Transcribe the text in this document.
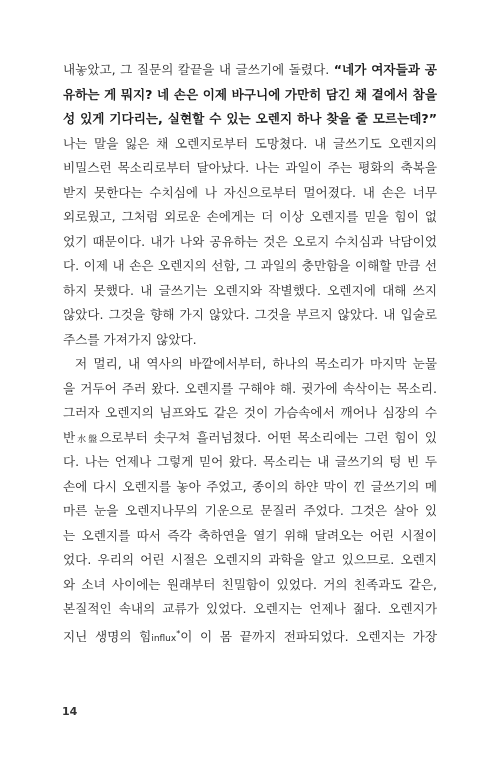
내놓았고, 그 질문의 칼끝을 내 글쓰기에 돌렸다. “네가 여자들과 공
유하는 게 뭐지? 네 손은 이제 바구니에 가만히 담긴 채 곁에서 참을
성 있게 기다리는, 실현할 수 있는 오렌지 하나 찾을 줄 모르는데?”
나는 말을 잃은 채 오렌지로부터 도망쳤다. 내 글쓰기도 오렌지의
비밀스런 목소리로부터 달아났다. 나는 과일이 주는 평화의 축복을
받지 못한다는 수치심에 나 자신으로부터 멀어졌다. 내 손은 너무
외로웠고, 그처럼 외로운 손에게는 더 이상 오렌지를 믿을 힘이 없
었기 때문이다. 내가 나와 공유하는 것은 오로지 수치심과 낙담이었
다. 이제 내 손은 오렌지의 선함, 그 과일의 충만함을 이해할 만큼 선
하지 못했다. 내 글쓰기는 오렌지와 작별했다. 오렌지에 대해 쓰지
않았다. 그것을 향해 가지 않았다. 그것을 부르지 않았다. 내 입술로
주스를 가져가지 않았다.
저 멀리, 내 역사의 바깥에서부터, 하나의 목소리가 마지막 눈물
을 거두어 주러 왔다. 오렌지를 구해야 해. 귓가에 속삭이는 목소리.
그러자 오렌지의 님프와도 같은 것이 가슴속에서 깨어나 심장의 수
반水盤으로부터 솟구쳐 흘러넘쳤다. 어떤 목소리에는 그런 힘이 있
다. 나는 언제나 그렇게 믿어 왔다. 목소리는 내 글쓰기의 텅 빈 두
손에 다시 오렌지를 놓아 주었고, 종이의 하얀 막이 낀 글쓰기의 메
마른 눈을 오렌지나무의 기운으로 문질러 주었다. 그것은 살아 있
는 오렌지를 따서 즉각 축하연을 열기 위해 달려오는 어린 시절이
었다. 우리의 어린 시절은 오렌지의 과학을 알고 있으므로. 오렌지
와 소녀 사이에는 원래부터 친밀함이 있었다. 거의 친족과도 같은,
본질적인 속내의 교류가 있었다. 오렌지는 언제나 젊다. 오렌지가
지닌 생명의 힘influx*이 이 몸 끝까지 전파되었다. 오렌지는 가장
14
